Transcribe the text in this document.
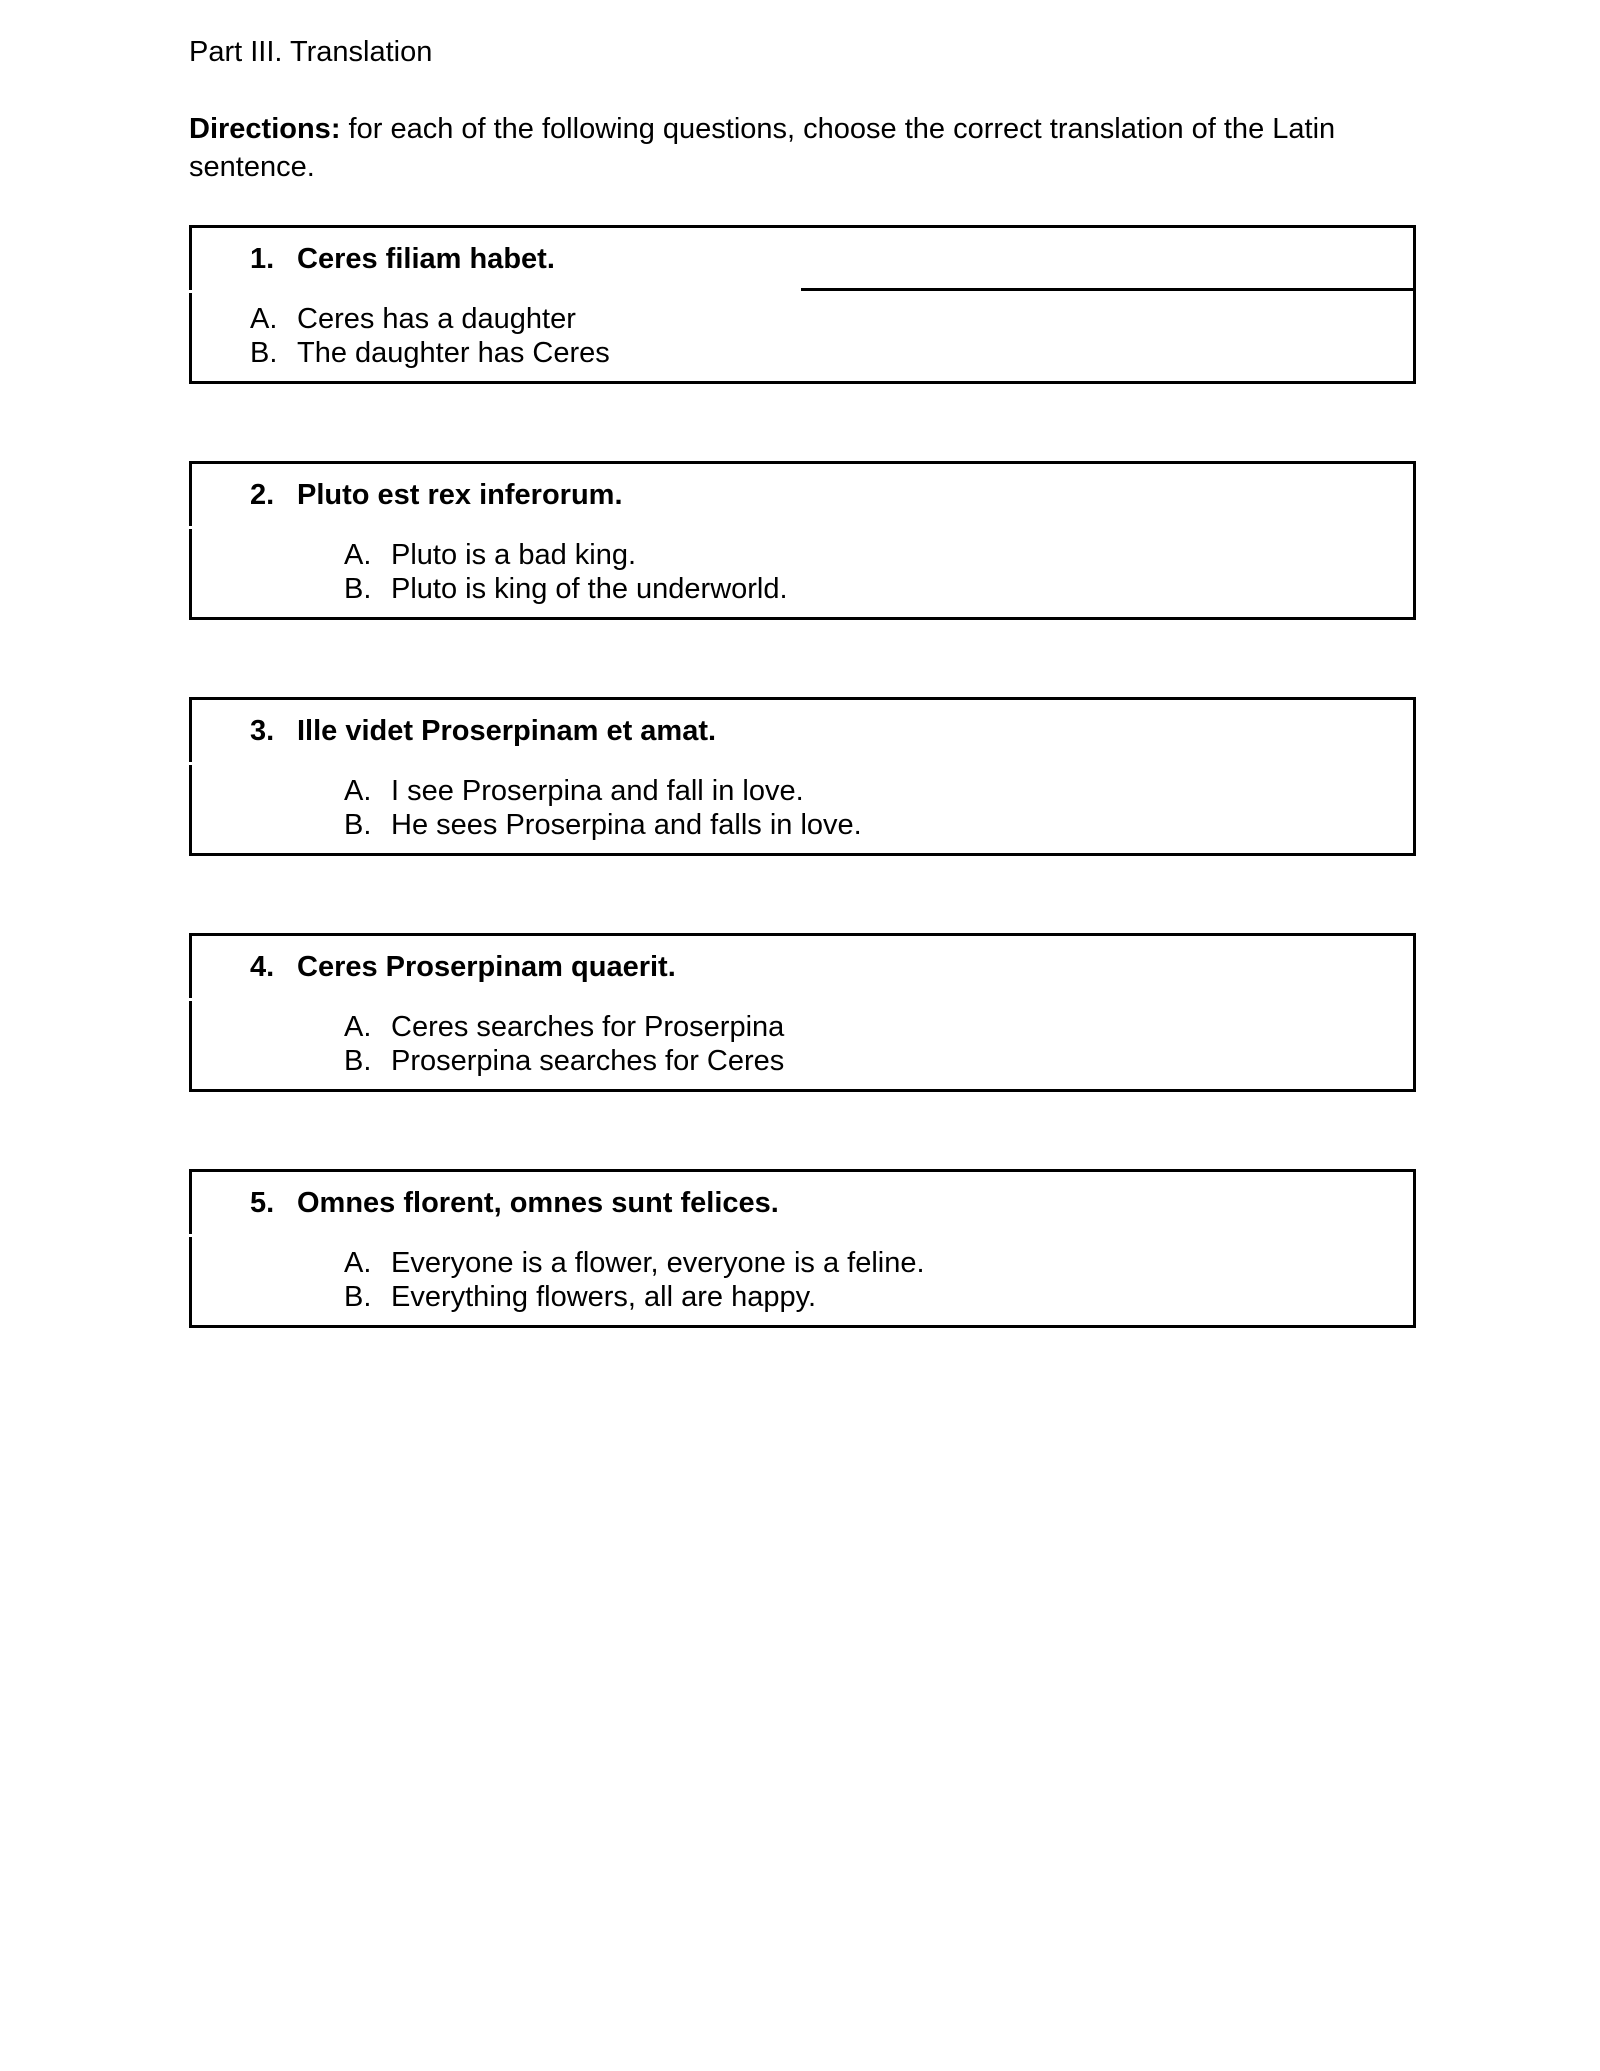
Part III. Translation

Directions: for each of the following questions, choose the correct translation of the Latin sentence.

1. Ceres filiam habet.
A. Ceres has a daughter
B. The daughter has Ceres
2. Pluto est rex inferorum.
A. Pluto is a bad king.
B. Pluto is king of the underworld.
3. Ille videt Proserpinam et amat.
A. I see Proserpina and fall in love.
B. He sees Proserpina and falls in love.
4. Ceres Proserpinam quaerit.
A. Ceres searches for Proserpina
B. Proserpina searches for Ceres
5. Omnes florent, omnes sunt felices.
A. Everyone is a flower, everyone is a feline.
B. Everything flowers, all are happy.
